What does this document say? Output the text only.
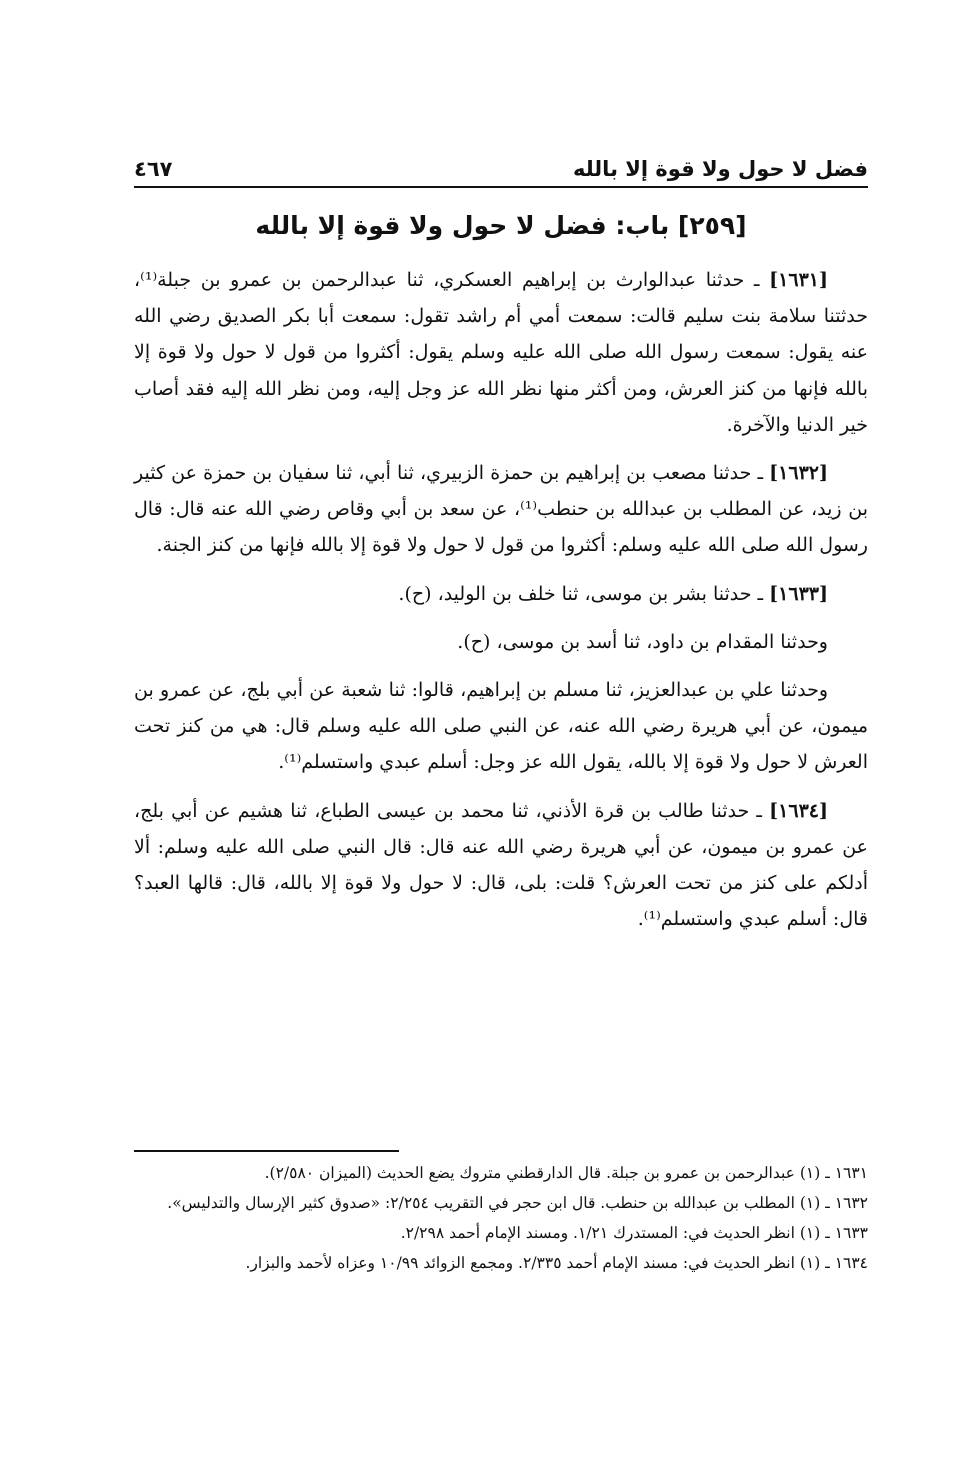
فضل لا حول ولا قوة إلا بالله
٤٦٧
[٢٥٩] باب: فضل لا حول ولا قوة إلا بالله

[١٦٣١] ـ حدثنا عبدالوارث بن إبراهيم العسكري، ثنا عبدالرحمن بن عمرو بن جبلة⁽¹⁾، حدثتنا سلامة بنت سليم قالت: سمعت أمي أم راشد تقول: سمعت أبا بكر الصديق رضي الله عنه يقول: سمعت رسول الله صلى الله عليه وسلم يقول: أكثروا من قول لا حول ولا قوة إلا بالله فإنها من كنز العرش، ومن أكثر منها نظر الله عز وجل إليه، ومن نظر الله إليه فقد أصاب خير الدنيا والآخرة.

[١٦٣٢] ـ حدثنا مصعب بن إبراهيم بن حمزة الزبيري، ثنا أبي، ثنا سفيان بن حمزة عن كثير بن زيد، عن المطلب بن عبدالله بن حنطب⁽¹⁾، عن سعد بن أبي وقاص رضي الله عنه قال: قال رسول الله صلى الله عليه وسلم: أكثروا من قول لا حول ولا قوة إلا بالله فإنها من كنز الجنة.

[١٦٣٣] ـ حدثنا بشر بن موسى، ثنا خلف بن الوليد، (ح).

وحدثنا المقدام بن داود، ثنا أسد بن موسى، (ح).

وحدثنا علي بن عبدالعزيز، ثنا مسلم بن إبراهيم، قالوا: ثنا شعبة عن أبي بلج، عن عمرو بن ميمون، عن أبي هريرة رضي الله عنه، عن النبي صلى الله عليه وسلم قال: هي من كنز تحت العرش لا حول ولا قوة إلا بالله، يقول الله عز وجل: أسلم عبدي واستسلم⁽¹⁾.

[١٦٣٤] ـ حدثنا طالب بن قرة الأذني، ثنا محمد بن عيسى الطباع، ثنا هشيم عن أبي بلج، عن عمرو بن ميمون، عن أبي هريرة رضي الله عنه قال: قال النبي صلى الله عليه وسلم: ألا أدلكم على كنز من تحت العرش؟ قلت: بلى، قال: لا حول ولا قوة إلا بالله، قال: قالها العبد؟ قال: أسلم عبدي واستسلم⁽¹⁾.

١٦٣١ ـ (١) عبدالرحمن بن عمرو بن جبلة. قال الدارقطني متروك يضع الحديث (الميزان ٢/٥٨٠).

١٦٣٢ ـ (١) المطلب بن عبدالله بن حنطب. قال ابن حجر في التقريب ٢/٢٥٤: «صدوق كثير الإرسال والتدليس».

١٦٣٣ ـ (١) انظر الحديث في: المستدرك ١/٢١. ومسند الإمام أحمد ٢/٢٩٨.

١٦٣٤ ـ (١) انظر الحديث في: مسند الإمام أحمد ٢/٣٣٥. ومجمع الزوائد ١٠/٩٩ وعزاه لأحمد والبزار.
